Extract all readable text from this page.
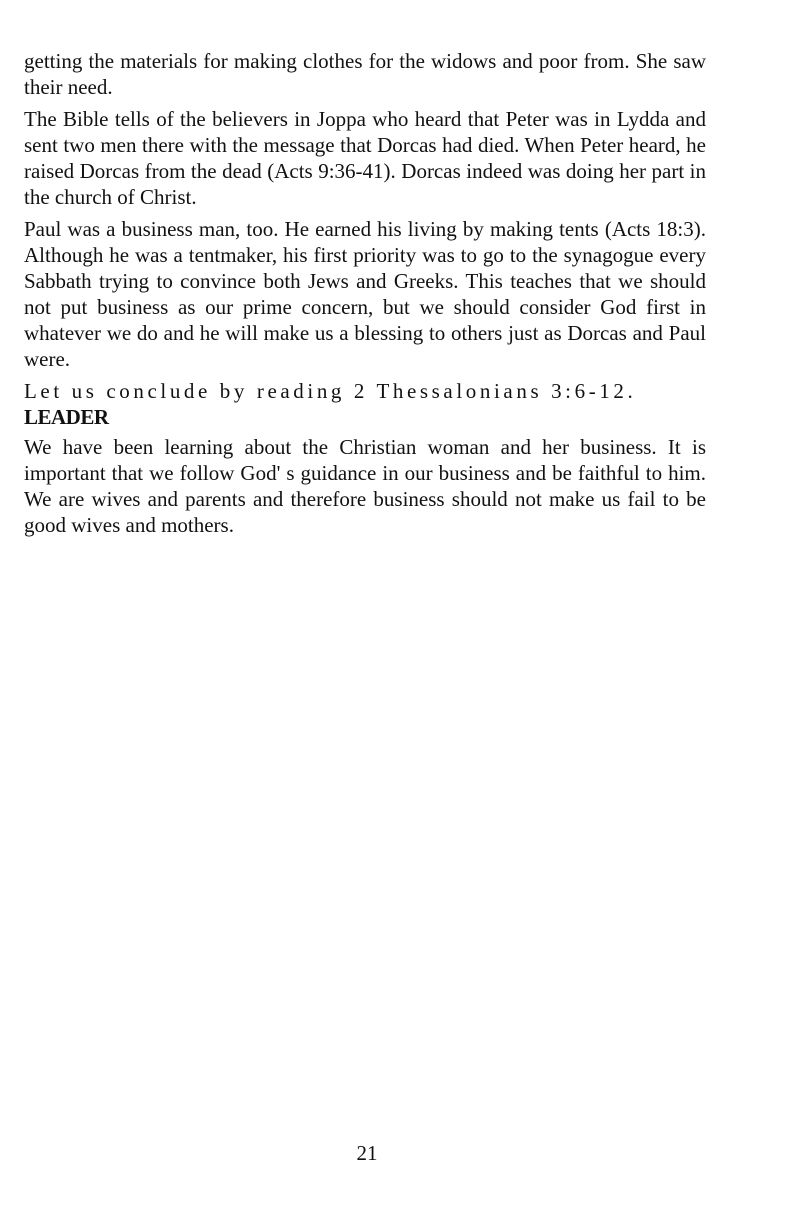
getting the materials for making clothes for the widows and poor from. She saw their need.

The Bible tells of the believers in Joppa who heard that Peter was in Lydda and sent two men there with the message that Dorcas had died. When Peter heard, he raised Dorcas from the dead (Acts 9:36-41). Dorcas indeed was doing her part in the church of Christ.

Paul was a business man, too. He earned his living by making tents (Acts 18:3). Although he was a tentmaker, his first priority was to go to the synagogue every Sabbath trying to convince both Jews and Greeks. This teaches that we should not put business as our prime concern, but we should consider God first in whatever we do and he will make us a blessing to others just as Dorcas and Paul were.

Let us conclude by reading 2 Thessalonians 3:6-12.

LEADER

We have been learning about the Christian woman and her business. It is important that we follow God' s guidance in our business and be faithful to him. We are wives and parents and therefore business should not make us fail to be good wives and mothers.

21
